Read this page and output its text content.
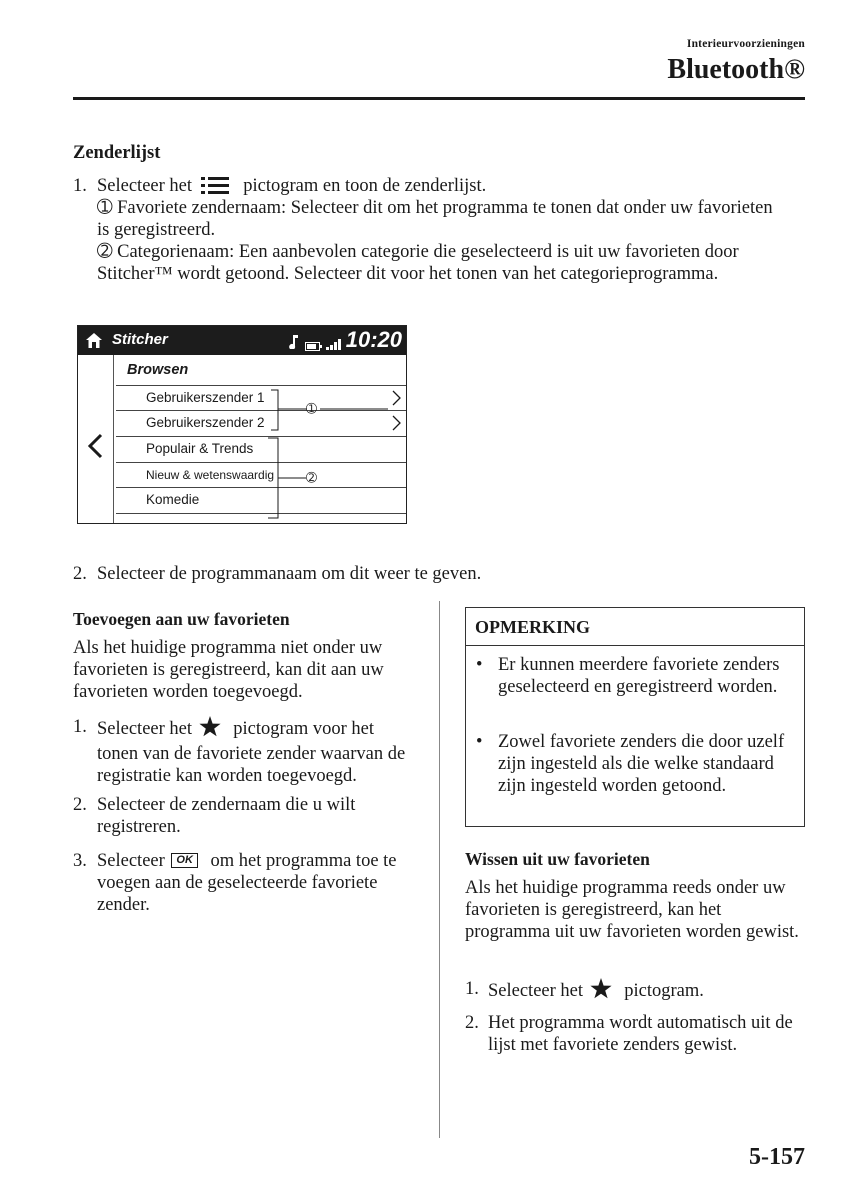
Interieurvoorzieningen
Bluetooth®
Zenderlijst
1. Selecteer het	pictogram en toon de zenderlijst.
➀ Favoriete zendernaam: Selecteer dit om het programma te tonen dat onder uw favorieten is geregistreerd.
➁ Categorienaam: Een aanbevolen categorie die geselecteerd is uit uw favorieten door Stitcher™ wordt getoond. Selecteer dit voor het tonen van het categorieprogramma.
Stitcher	10:20
Browsen
Gebruikerszender 1
Gebruikerszender 2
Populair & Trends
Nieuw & wetenswaardig
Komedie
➀
➁
2. Selecteer de programmanaam om dit weer te geven.
Toevoegen aan uw favorieten
Als het huidige programma niet onder uw favorieten is geregistreerd, kan dit aan uw favorieten worden toegevoegd.
1. Selecteer het pictogram voor het
tonen van de favoriete zender waarvan de registratie kan worden toegevoegd.
2. Selecteer de zendernaam die u wilt registreren.
3. Selecteer OK om het programma toe te
voegen aan de geselecteerde favoriete zender.
OPMERKING
• Er kunnen meerdere favoriete zenders geselecteerd en geregistreerd worden.
• Zowel favoriete zenders die door uzelf zijn ingesteld als die welke standaard zijn ingesteld worden getoond.
Wissen uit uw favorieten
Als het huidige programma reeds onder uw favorieten is geregistreerd, kan het programma uit uw favorieten worden gewist.
1. Selecteer het pictogram.
2. Het programma wordt automatisch uit de lijst met favoriete zenders gewist.
5-157
